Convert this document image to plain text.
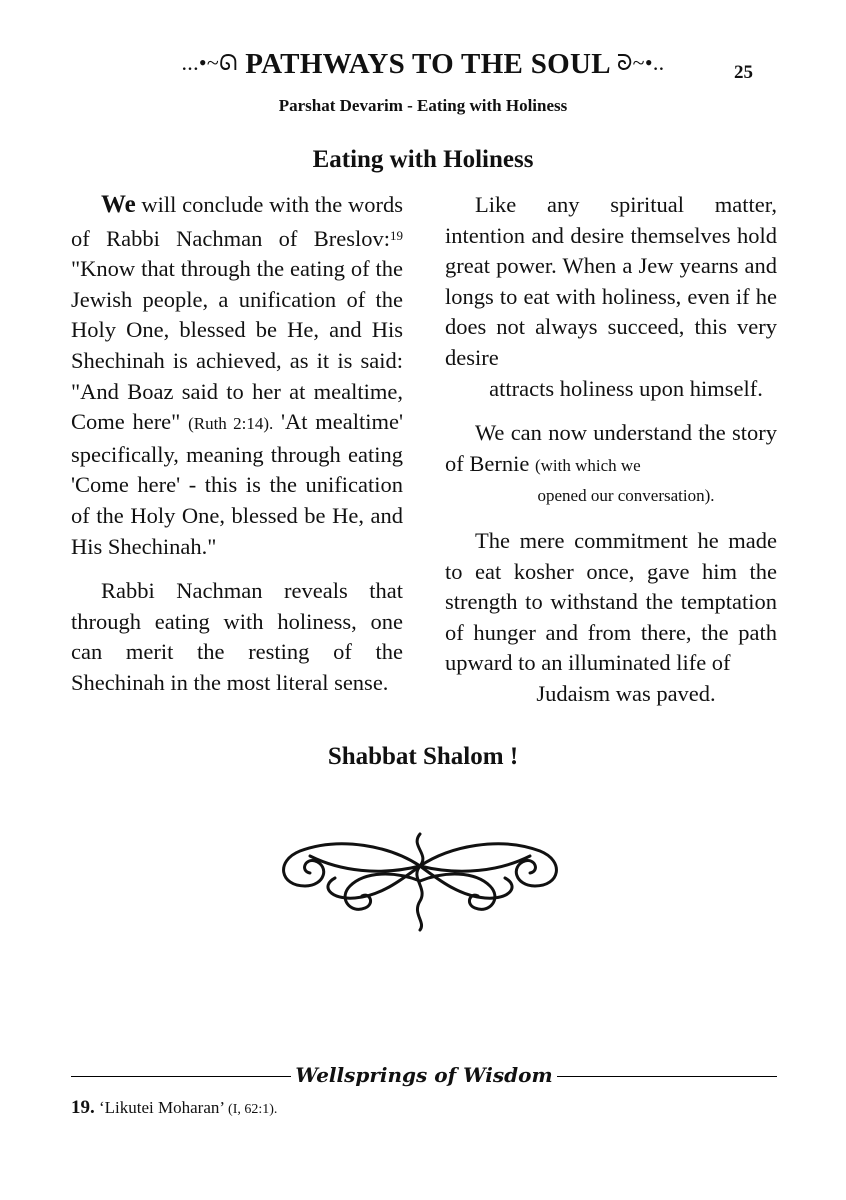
...•~ᘏ PATHWAYS TO THE SOUL ᘐ~•..	25
Parshat Devarim - Eating with Holiness
Eating with Holiness

We will conclude with the words of Rabbi Nachman of Breslov:$^{19}$ "Know that through the eating of the Jewish people, a unification of the Holy One, blessed be He, and His Shechinah is achieved, as it is said: "And Boaz said to her at mealtime, Come here" (Ruth 2:14). 'At mealtime' specifically, meaning through eating 'Come here' - this is the unification of the Holy One, blessed be He, and His Shechinah."

Rabbi Nachman reveals that through eating with holiness, one can merit the resting of the Shechinah in the most literal sense.

Like any spiritual matter, intention and desire themselves hold great power. When a Jew yearns and longs to eat with holiness, even if he does not always succeed, this very desire

attracts holiness upon himself.

We can now understand the story of Bernie (with which we

opened our conversation).

The mere commitment he made to eat kosher once, gave him the strength to withstand the temptation of hunger and from there, the path upward to an illuminated life of

Judaism was paved.

Shabbat Shalom !
Wellsprings of Wisdom
19. ‘Likutei Moharan’ (I, 62:1).
